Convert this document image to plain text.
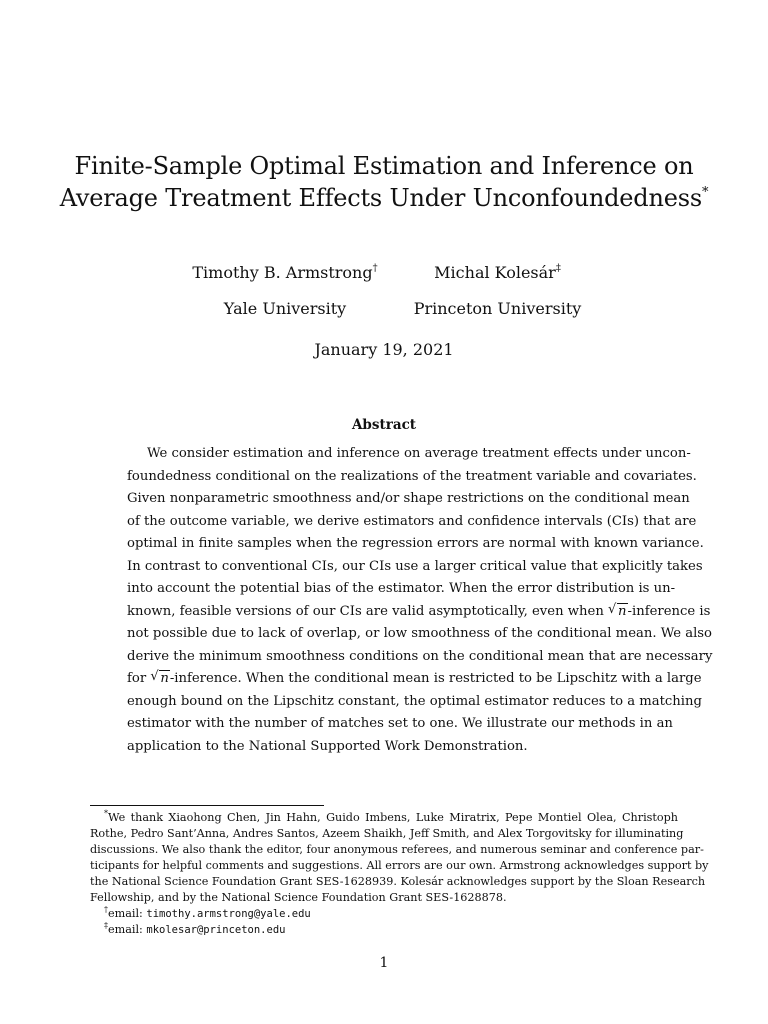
Finite-Sample Optimal Estimation and Inference on
Average Treatment Effects Under Unconfoundedness*
Timothy B. Armstrong†
Yale University
Michal Kolesár‡
Princeton University
January 19, 2021
Abstract
We consider estimation and inference on average treatment effects under uncon-
foundedness conditional on the realizations of the treatment variable and covariates.
Given nonparametric smoothness and/or shape restrictions on the conditional mean
of the outcome variable, we derive estimators and confidence intervals (CIs) that are
optimal in finite samples when the regression errors are normal with known variance.
In contrast to conventional CIs, our CIs use a larger critical value that explicitly takes
into account the potential bias of the estimator. When the error distribution is un-
known, feasible versions of our CIs are valid asymptotically, even when √ n-inference is
not possible due to lack of overlap, or low smoothness of the conditional mean. We also
derive the minimum smoothness conditions on the conditional mean that are necessary
for √ n-inference. When the conditional mean is restricted to be Lipschitz with a large
enough bound on the Lipschitz constant, the optimal estimator reduces to a matching
estimator with the number of matches set to one. We illustrate our methods in an
application to the National Supported Work Demonstration.
*We thank Xiaohong Chen, Jin Hahn, Guido Imbens, Luke Miratrix, Pepe Montiel Olea, Christoph
Rothe, Pedro Sant’Anna, Andres Santos, Azeem Shaikh, Jeff Smith, and Alex Torgovitsky for illuminating
discussions. We also thank the editor, four anonymous referees, and numerous seminar and conference par-
ticipants for helpful comments and suggestions. All errors are our own. Armstrong acknowledges support by
the National Science Foundation Grant SES-1628939. Kolesár acknowledges support by the Sloan Research
Fellowship, and by the National Science Foundation Grant SES-1628878.
†email: timothy.armstrong@yale.edu
‡email: mkolesar@princeton.edu
1
